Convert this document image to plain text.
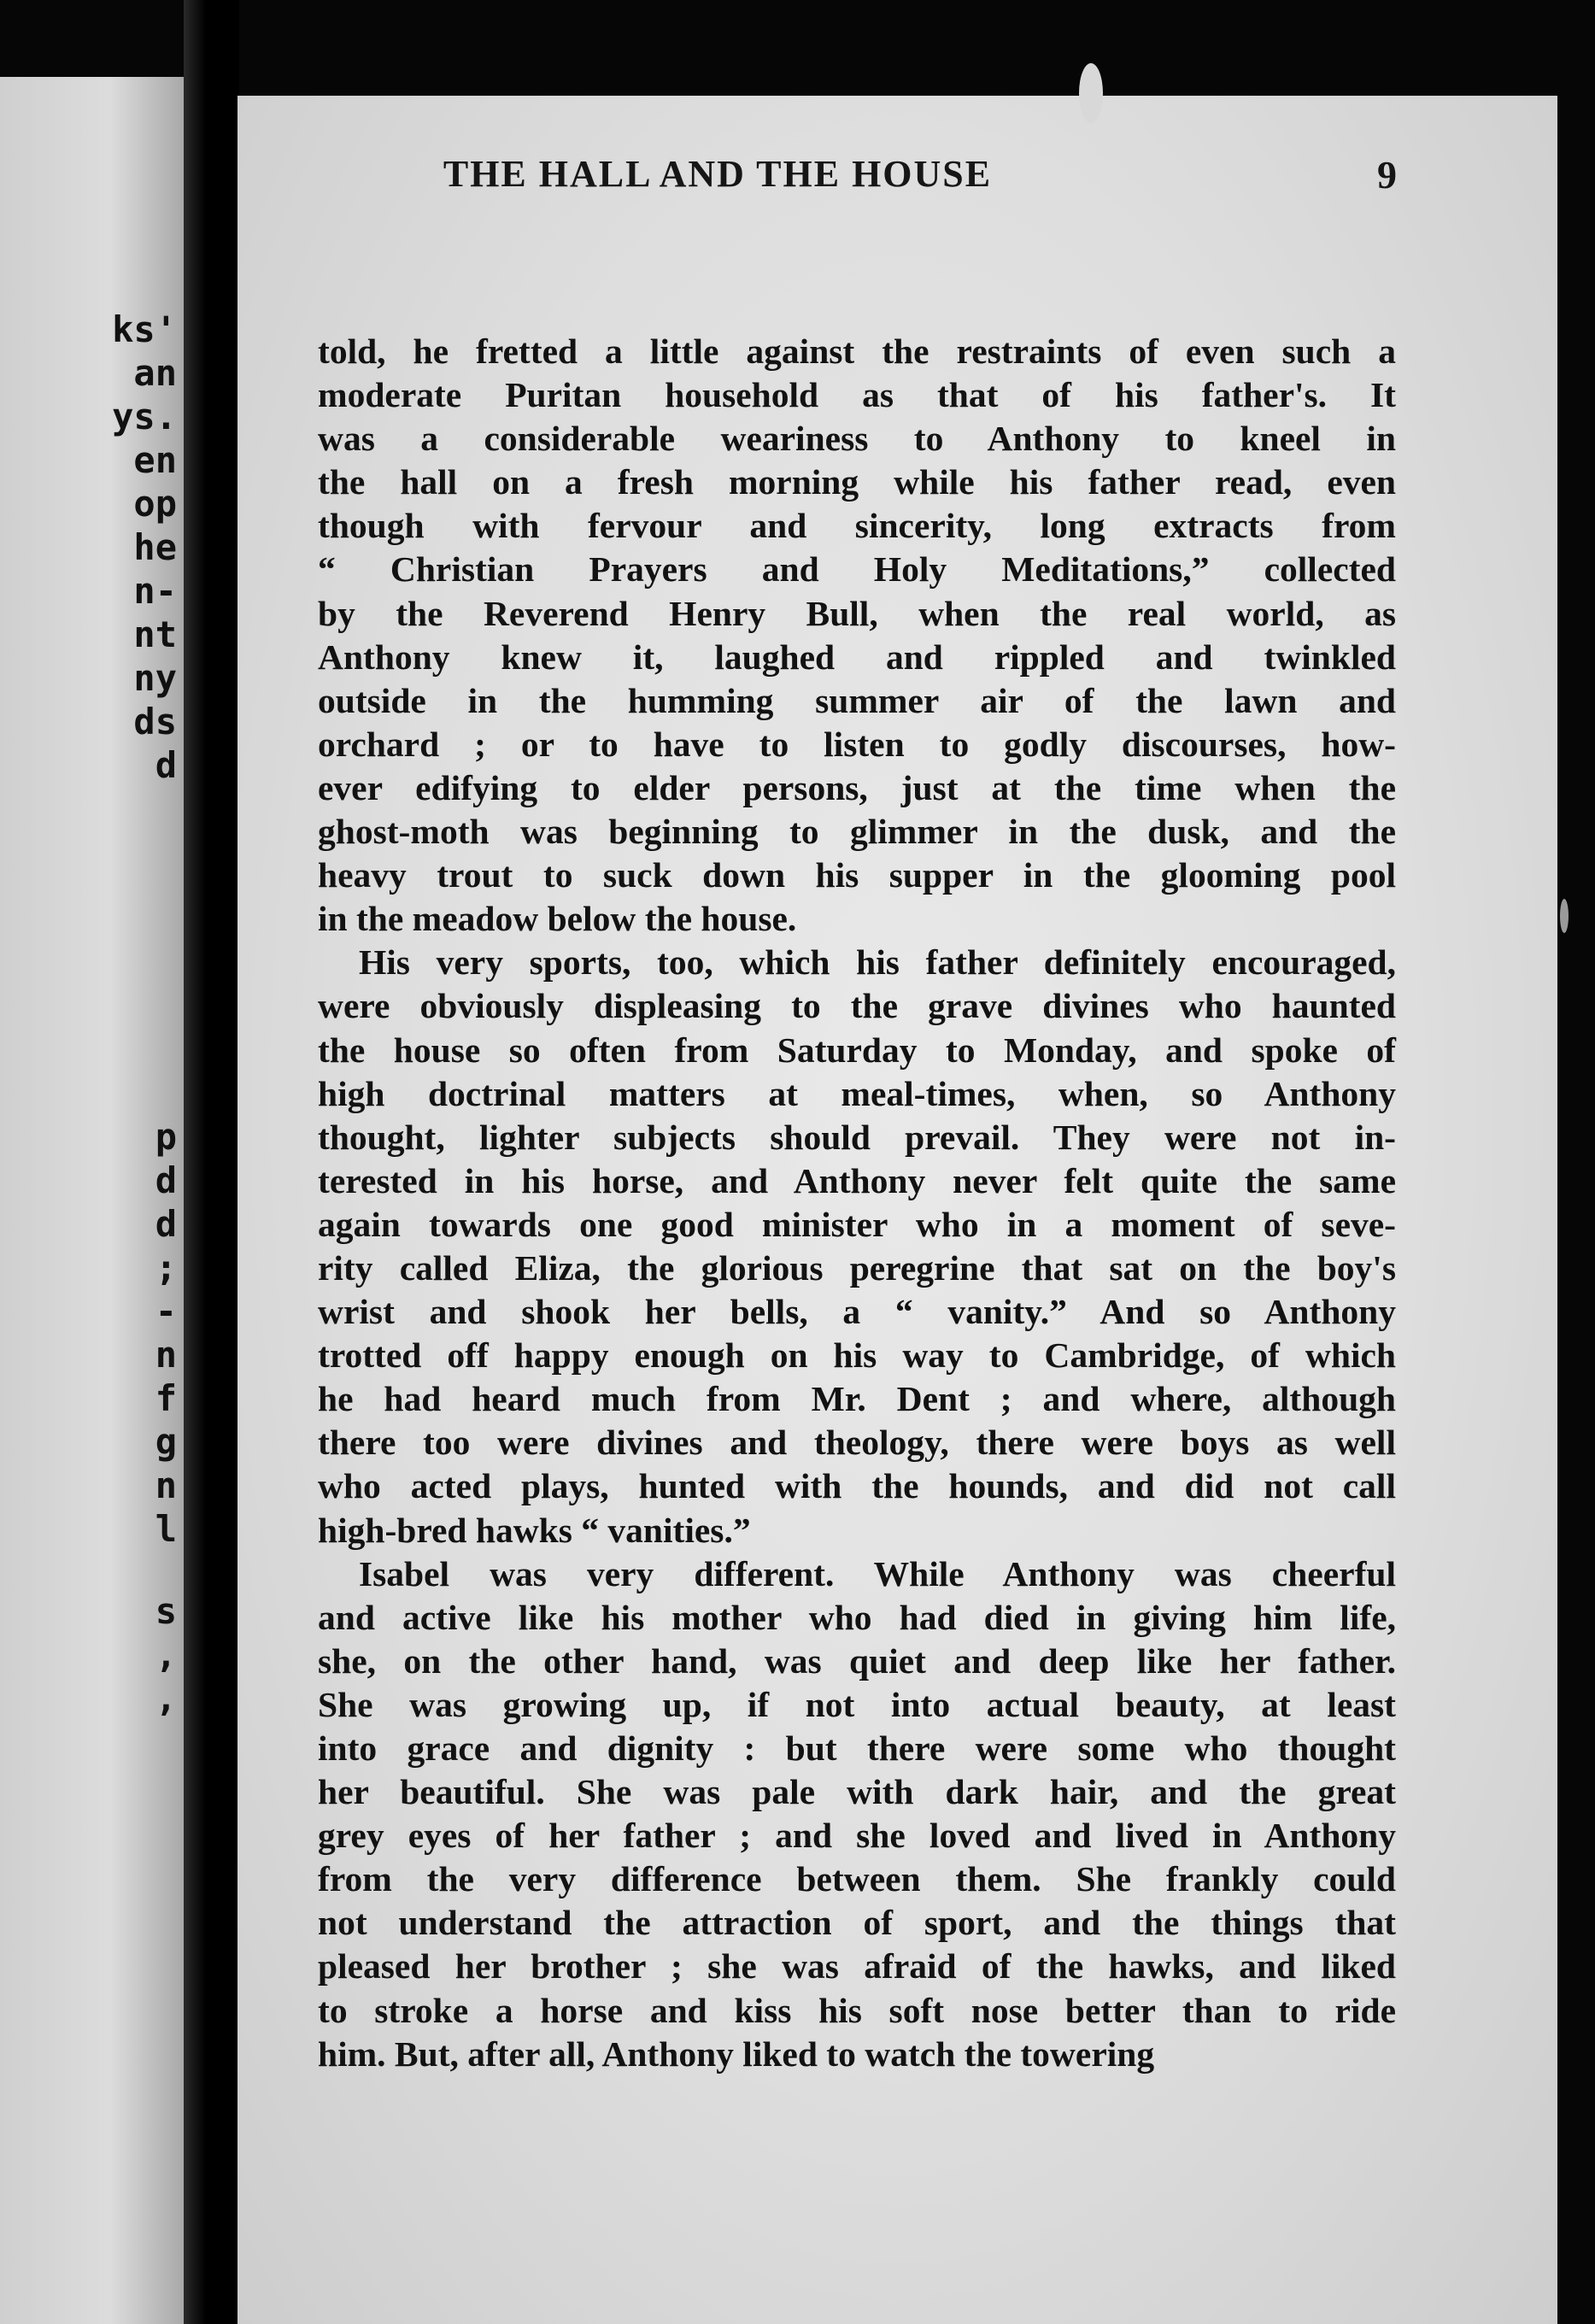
ks'
an
ys.
en
op
he
n-
nt
ny
ds
d
p
d
d
;
-
n
f
g
n
l
s
,
,
THE HALL AND THE HOUSE	9
told, he fretted a little against the restraints of even such a
moderate Puritan household as that of his father's. It
was a considerable weariness to Anthony to kneel in
the hall on a fresh morning while his father read, even
though with fervour and sincerity, long extracts from
“ Christian Prayers and Holy Meditations,” collected
by the Reverend Henry Bull, when the real world, as
Anthony knew it, laughed and rippled and twinkled
outside in the humming summer air of the lawn and
orchard ; or to have to listen to godly discourses, how-
ever edifying to elder persons, just at the time when the
ghost-moth was beginning to glimmer in the dusk, and the
heavy trout to suck down his supper in the glooming pool
in the meadow below the house.
His very sports, too, which his father definitely encouraged,
were obviously displeasing to the grave divines who haunted
the house so often from Saturday to Monday, and spoke of
high doctrinal matters at meal-times, when, so Anthony
thought, lighter subjects should prevail. They were not in-
terested in his horse, and Anthony never felt quite the same
again towards one good minister who in a moment of seve-
rity called Eliza, the glorious peregrine that sat on the boy's
wrist and shook her bells, a “ vanity.” And so Anthony
trotted off happy enough on his way to Cambridge, of which
he had heard much from Mr. Dent ; and where, although
there too were divines and theology, there were boys as well
who acted plays, hunted with the hounds, and did not call
high-bred hawks “ vanities.”
Isabel was very different. While Anthony was cheerful
and active like his mother who had died in giving him life,
she, on the other hand, was quiet and deep like her father.
She was growing up, if not into actual beauty, at least
into grace and dignity : but there were some who thought
her beautiful. She was pale with dark hair, and the great
grey eyes of her father ; and she loved and lived in Anthony
from the very difference between them. She frankly could
not understand the attraction of sport, and the things that
pleased her brother ; she was afraid of the hawks, and liked
to stroke a horse and kiss his soft nose better than to ride
him. But, after all, Anthony liked to watch the towering
